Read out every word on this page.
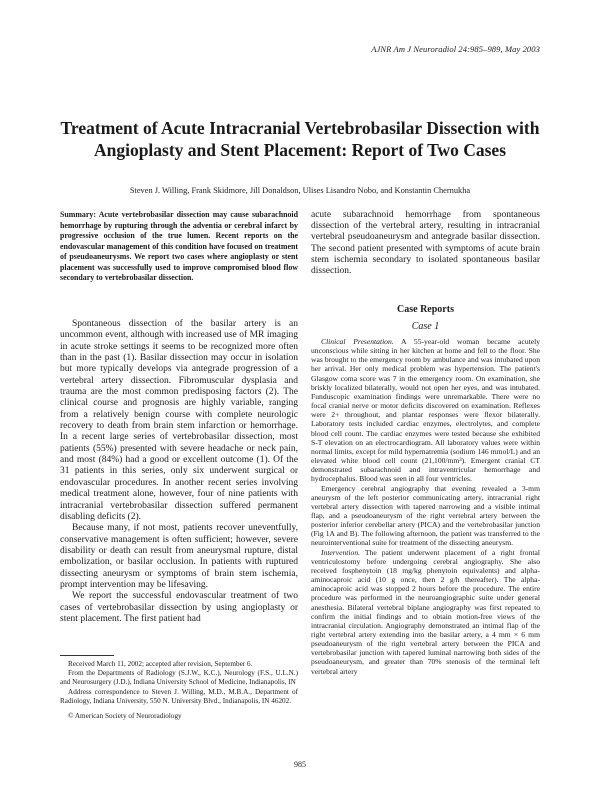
AJNR Am J Neuroradiol 24:985–989, May 2003
Treatment of Acute Intracranial Vertebrobasilar Dissection with Angioplasty and Stent Placement: Report of Two Cases
Steven J. Willing, Frank Skidmore, Jill Donaldson, Ulises Lisandro Nobo, and Konstantin Chernukha
Summary: Acute vertebrobasilar dissection may cause subarachnoid hemorrhage by rupturing through the adventia or cerebral infarct by progressive occlusion of the true lumen. Recent reports on the endovascular management of this condition have focused on treatment of pseudoaneurysms. We report two cases where angioplasty or stent placement was successfully used to improve compromised blood flow secondary to vertebrobasilar dissection.
acute subarachnoid hemorrhage from spontaneous dissection of the vertebral artery, resulting in intracranial vertebral pseudoaneurysm and antegrade basilar dissection. The second patient presented with symptoms of acute brain stem ischemia secondary to isolated spontaneous basilar dissection.

Spontaneous dissection of the basilar artery is an uncommon event, although with increased use of MR imaging in acute stroke settings it seems to be recognized more often than in the past (1). Basilar dissection may occur in isolation but more typically develops via antegrade progression of a vertebral artery dissection. Fibromuscular dysplasia and trauma are the most common predisposing factors (2). The clinical course and prognosis are highly variable, ranging from a relatively benign course with complete neurologic recovery to death from brain stem infarction or hemorrhage. In a recent large series of vertebrobasilar dissection, most patients (55%) presented with severe headache or neck pain, and most (84%) had a good or excellent outcome (1). Of the 31 patients in this series, only six underwent surgical or endovascular procedures. In another recent series involving medical treatment alone, however, four of nine patients with intracranial vertebrobasilar dissection suffered permanent disabling deficits (2).

Because many, if not most, patients recover uneventfully, conservative management is often sufficient; however, severe disability or death can result from aneurysmal rupture, distal embolization, or basilar occlusion. In patients with ruptured dissecting aneurysm or symptoms of brain stem ischemia, prompt intervention may be lifesaving.

We report the successful endovascular treatment of two cases of vertebrobasilar dissection by using angioplasty or stent placement. The first patient had

Case Reports
Case 1

Clinical Presentation. A 55-year-old woman became acutely unconscious while sitting in her kitchen at home and fell to the floor. She was brought to the emergency room by ambulance and was intubated upon her arrival. Her only medical problem was hypertension. The patient's Glasgow coma score was 7 in the emergency room. On examination, she briskly localized bilaterally, would not open her eyes, and was intubated. Funduscopic examination findings were unremarkable. There were no focal cranial nerve or motor deficits discovered on examination. Reflexes were 2+ throughout, and plantar responses were flexor bilaterally. Laboratory tests included cardiac enzymes, electrolytes, and complete blood cell count. The cardiac enzymes were tested because she exhibited S-T elevation on an electrocardiogram. All laboratory values were within normal limits, except for mild hypernatremia (sodium 146 mmol/L) and an elevated white blood cell count (21,100/mm³). Emergent cranial CT demonstrated subarachnoid and intraventricular hemorrhage and hydrocephalus. Blood was seen in all four ventricles.

Emergency cerebral angiography that evening revealed a 3-mm aneurysm of the left posterior communicating artery, intracranial right vertebral artery dissection with tapered narrowing and a visible intimal flap, and a pseudoaneurysm of the right vertebral artery between the posterior inferior cerebellar artery (PICA) and the vertebrobasilar junction (Fig 1A and B). The following afternoon, the patient was transferred to the neurointerventional suite for treatment of the dissecting aneurysm.

Intervention. The patient underwent placement of a right frontal ventriculostomy before undergoing cerebral angiography. She also received fosphenytoin (18 mg/kg phenytoin equivalents) and alpha-aminocaproic acid (10 g once, then 2 g/h thereafter). The alpha-aminocaproic acid was stopped 2 hours before the procedure. The entire procedure was performed in the neuroangiographic suite under general anesthesia. Bilateral vertebral biplane angiography was first repeated to confirm the initial findings and to obtain motion-free views of the intracranial circulation. Angiography demonstrated an intimal flap of the right vertebral artery extending into the basilar artery, a 4 mm × 6 mm pseudoaneurysm of the right vertebral artery between the PICA and vertebrobasilar junction with tapered luminal narrowing both sides of the pseudoaneurysm, and greater than 70% stenosis of the terminal left vertebral artery

Received March 11, 2002; accepted after revision, September 6.

From the Departments of Radiology (S.J.W., K.C.), Neurology (F.S., U.L.N.) and Neurosurgery (J.D.), Indiana University School of Medicine, Indianapolis, IN

Address correspondence to Steven J. Willing, M.D., M.B.A., Department of Radiology, Indiana University, 550 N. University Blvd., Indianapolis, IN 46202.

© American Society of Neuroradiology

985
